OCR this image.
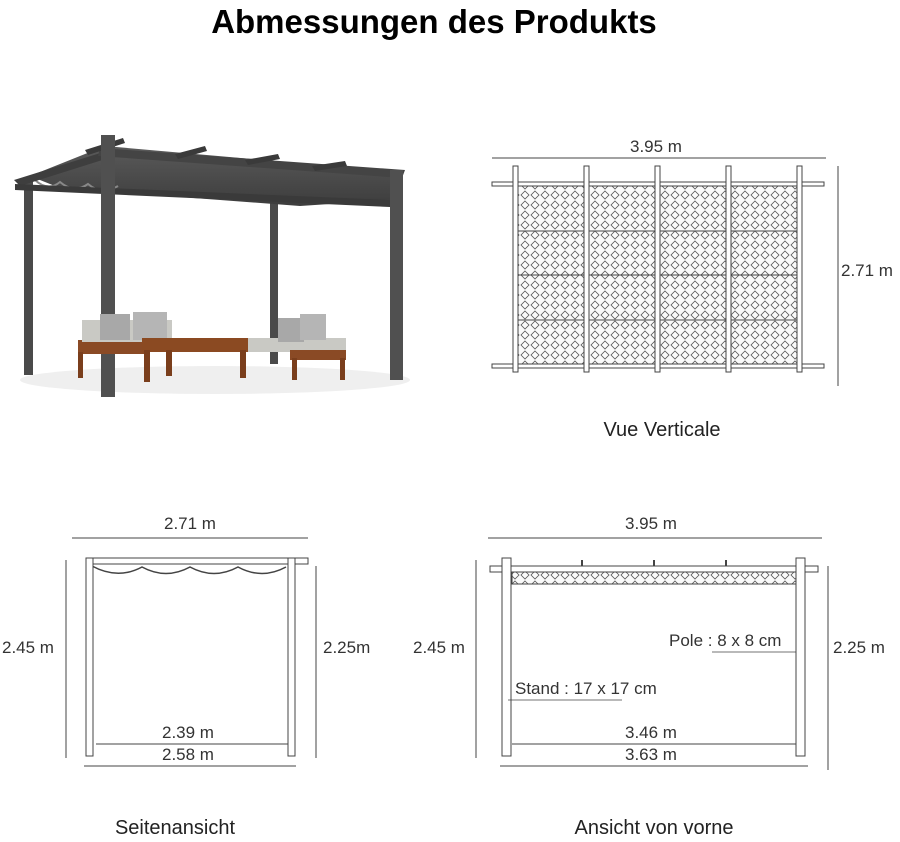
Abmessungen des Produkts
3.95 m
2.71 m
Vue Verticale
2.71 m
2.45 m	2.25m
2.39 m
2.58 m
Seitenansicht
3.95 m
2.45 m	2.25 m
Pole : 8 x 8 cm
Stand : 17 x 17 cm
3.46 m
3.63 m
Ansicht von vorne
